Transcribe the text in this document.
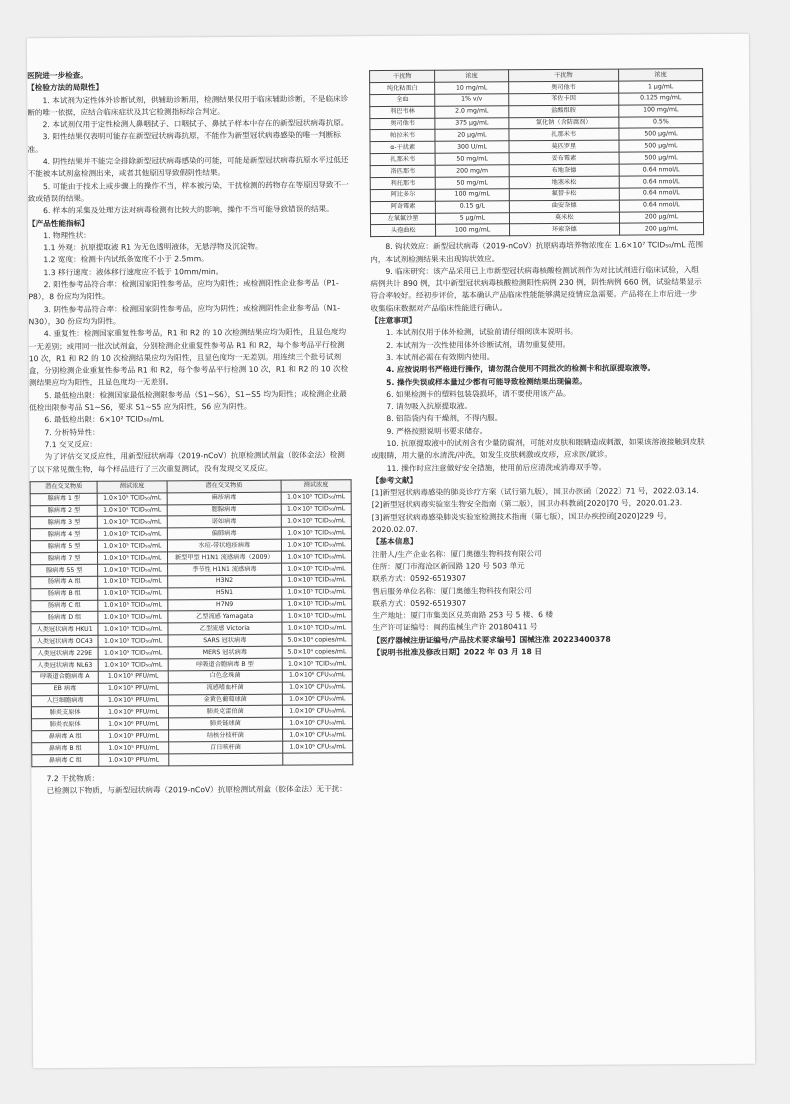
医院进一步检查。

【检验方法的局限性】

1. 本试剂为定性体外诊断试剂，供辅助诊断用，检测结果仅用于临床辅助诊断，不是临床诊断的唯一依据，应结合临床症状及其它检测指标综合判定。

2. 本试剂仅用于定性检测人鼻咽拭子、口咽拭子、鼻拭子样本中存在的新型冠状病毒抗原。

3. 阳性结果仅表明可能存在新型冠状病毒抗原，不能作为新型冠状病毒感染的唯一判断标准。

4. 阴性结果并不能完全排除新型冠状病毒感染的可能，可能是新型冠状病毒抗原水平过低还不能被本试剂盒检测出来，或者其他原因导致假阴性结果。

5. 可能由于技术上或步骤上的操作不当，样本被污染，干扰检测的药物存在等原因导致不一致或错误的结果。

6. 样本的采集及处理方法对病毒检测有比较大的影响，操作不当可能导致错误的结果。

【产品性能指标】

1. 物理性状：

1.1 外观：抗原提取液 R1 为无色透明液体，无悬浮物及沉淀物。

1.2 宽度：检测卡内试纸条宽度不小于 2.5mm。

1.3 移行速度：液体移行速度应不低于 10mm/min。

2. 阳性参考品符合率：检测国家阳性参考品，应均为阳性；或检测阳性企业参考品（P1-P8），8 份应均为阳性。

3. 阴性参考品符合率：检测国家阴性参考品，应均为阴性；或检测阴性企业参考品（N1-N30），30 份应均为阴性。

4. 重复性：检测国家重复性参考品，R1 和 R2 的 10 次检测结果应均为阳性，且显色度均一无差别；或用同一批次试剂盒，分别检测企业重复性参考品 R1 和 R2，每个参考品平行检测 10 次，R1 和 R2 的 10 次检测结果应均为阳性，且显色度均一无差别。用连续三个批号试剂盒，分别检测企业重复性参考品 R1 和 R2，每个参考品平行检测 10 次，R1 和 R2 的 10 次检测结果应均为阳性，且显色度均一无差别。

5. 最低检出限：检测国家最低检测限参考品（S1~S6），S1~S5 均为阳性；或检测企业最低检出限参考品 S1~S6，要求 S1~S5 应为阳性，S6 应为阴性。

6. 最低检出限：6×10² TCID₅₀/mL

7. 分析特异性：

7.1 交叉反应：

为了评估交叉反应性，用新型冠状病毒（2019-nCoV）抗原检测试剂盒（胶体金法）检测了以下常见微生物，每个样品进行了三次重复测试，没有发现交叉反应。

潜在交叉物质	测试浓度	潜在交叉物质	测试浓度
腺病毒 1 型	1.0×10⁵ TCID₅₀/mL	麻疹病毒	1.0×10⁵ TCID₅₀/mL
腺病毒 2 型	1.0×10⁵ TCID₅₀/mL	腮腺病毒	1.0×10⁵ TCID₅₀/mL
腺病毒 3 型	1.0×10⁵ TCID₅₀/mL	诺如病毒	1.0×10⁵ TCID₅₀/mL
腺病毒 4 型	1.0×10⁵ TCID₅₀/mL	偏肺病毒	1.0×10⁵ TCID₅₀/mL
腺病毒 5 型	1.0×10⁵ TCID₅₀/mL	水痘-带状疱疹病毒	1.0×10⁵ TCID₅₀/mL
腺病毒 7 型	1.0×10⁵ TCID₅₀/mL	新型甲型 H1N1 流感病毒（2009）	1.0×10⁵ TCID₅₀/mL
腺病毒 55 型	1.0×10⁵ TCID₅₀/mL	季节性 H1N1 流感病毒	1.0×10⁵ TCID₅₀/mL
肠病毒 A 组	1.0×10⁵ TCID₅₀/mL	H3N2	1.0×10⁵ TCID₅₀/mL
肠病毒 B 组	1.0×10⁵ TCID₅₀/mL	H5N1	1.0×10⁵ TCID₅₀/mL
肠病毒 C 组	1.0×10⁵ TCID₅₀/mL	H7N9	1.0×10⁵ TCID₅₀/mL
肠病毒 D 组	1.0×10⁵ TCID₅₀/mL	乙型流感 Yamagata	1.0×10⁵ TCID₅₀/mL
人类冠状病毒 HKU1	1.0×10⁵ TCID₅₀/mL	乙型流感 Victoria	1.0×10⁵ TCID₅₀/mL
人类冠状病毒 OC43	1.0×10⁵ TCID₅₀/mL	SARS 冠状病毒	5.0×10⁴ copies/mL
人类冠状病毒 229E	1.0×10⁵ TCID₅₀/mL	MERS 冠状病毒	5.0×10⁴ copies/mL
人类冠状病毒 NL63	1.0×10⁵ TCID₅₀/mL	呼吸道合胞病毒 B 型	1.0×10⁵ TCID₅₀/mL
呼吸道合胞病毒 A	1.0×10⁵ PFU/mL	白色念珠菌	1.0×10⁶ CFU₅₀/mL
EB 病毒	1.0×10⁵ PFU/mL	流感嗜血杆菌	1.0×10⁶ CFU₅₀/mL
人巨细胞病毒	1.0×10⁵ PFU/mL	金黄色葡萄球菌	1.0×10⁶ CFU₅₀/mL
肺炎支原体	1.0×10⁶ PFU/mL	肺炎克雷伯菌	1.0×10⁶ CFU₅₀/mL
肺炎衣原体	1.0×10⁶ PFU/mL	肺炎链球菌	1.0×10⁶ CFU₅₀/mL
鼻病毒 A 组	1.0×10⁵ PFU/mL	结核分枝杆菌	1.0×10⁶ CFU₅₀/mL
鼻病毒 B 组	1.0×10⁵ PFU/mL	百日咳杆菌	1.0×10⁶ CFU₅₀/mL
鼻病毒 C 组	1.0×10⁵ PFU/mL		

7.2 干扰物质：

已检测以下物质，与新型冠状病毒（2019-nCoV）抗原检测试剂盒（胶体金法）无干扰：

干扰物	浓度	干扰物	浓度
纯化粘蛋白	10 mg/mL	奥司他韦	1 μg/mL
全血	1% v/v	苯佐卡因	0.125 mg/mL
利巴韦林	2.0 mg/mL	盐酸组胺	100 mg/mL
奥司他韦	375 μg/mL	氯化钠（含防腐剂）	0.5%
帕拉米韦	20 μg/mL	扎那米韦	500 μg/mL
α-干扰素	300 U/mL	莫匹罗星	500 μg/mL
扎那米韦	50 mg/mL	妥布霉素	500 μg/mL
洛匹那韦	200 mg/m	布地奈德	0.64 nmol/L
利托那韦	50 mg/mL	地塞米松	0.64 nmol/L
阿比多尔	100 mg/mL	氟替卡松	0.64 nmol/L
阿奇霉素	0.15 g/L	曲安奈德	0.64 nmol/L
左氧氟沙星	5 μg/mL	莫米松	200 μg/mL
头孢曲松	100 mg/mL	环索奈德	200 μg/mL

8. 钩状效应：新型冠状病毒（2019-nCoV）抗原病毒培养物浓度在 1.6×10⁷ TCID₅₀/mL 范围内，本试剂检测结果未出现钩状效应。

9. 临床研究：该产品采用已上市新型冠状病毒核酸检测试剂作为对比试剂进行临床试验，入组病例共计 890 例，其中新型冠状病毒核酸检测阳性病例 230 例，阴性病例 660 例，试验结果显示符合率较好。经初步评价，基本确认产品临床性能能够满足疫情应急需要。产品将在上市后进一步收集临床数据对产品临床性能进行确认。

【注意事项】

1. 本试剂仅用于体外检测，试验前请仔细阅读本说明书。

2. 本试剂为一次性使用体外诊断试剂，请勿重复使用。

3. 本试剂必需在有效期内使用。

4. 应按说明书严格进行操作，请勿混合使用不同批次的检测卡和抗原提取液等。

5. 操作失误或样本量过少都有可能导致检测结果出现偏差。

6. 如果检测卡的塑料包装袋损坏，请不要使用该产品。

7. 请勿吸入抗原提取液。

8. 铝箔袋内有干燥剂，不得内服。

9. 严格按照说明书要求储存。

10. 抗原提取液中的试剂含有少量防腐剂，可能对皮肤和眼睛造成刺激，如果该溶液接触到皮肤或眼睛，用大量的水清洗/冲洗，如发生皮肤刺激或皮疹，应求医/就诊。

11. 操作时应注意做好安全措施，使用前后应清洗或消毒双手等。

【参考文献】

[1]新型冠状病毒感染的肺炎诊疗方案（试行第九版），国卫办医函〔2022〕71 号，2022.03.14.

[2]新型冠状病毒实验室生物安全指南（第二版），国卫办科教函[2020]70 号，2020.01.23.

[3]新型冠状病毒感染肺炎实验室检测技术指南（第七版），国卫办疾控函[2020]229 号，2020.02.07.

【基本信息】

注册人/生产企业名称：厦门奥德生物科技有限公司

住所：厦门市海沧区新园路 120 号 503 单元

联系方式：0592-6519307

售后服务单位名称：厦门奥德生物科技有限公司

联系方式：0592-6519307

生产地址：厦门市集美区兑英南路 253 号 5 楼、6 楼

生产许可证编号：闽药监械生产许 20180411 号

【医疗器械注册证编号/产品技术要求编号】国械注准 20223400378

【说明书批准及修改日期】2022 年 03 月 18 日
